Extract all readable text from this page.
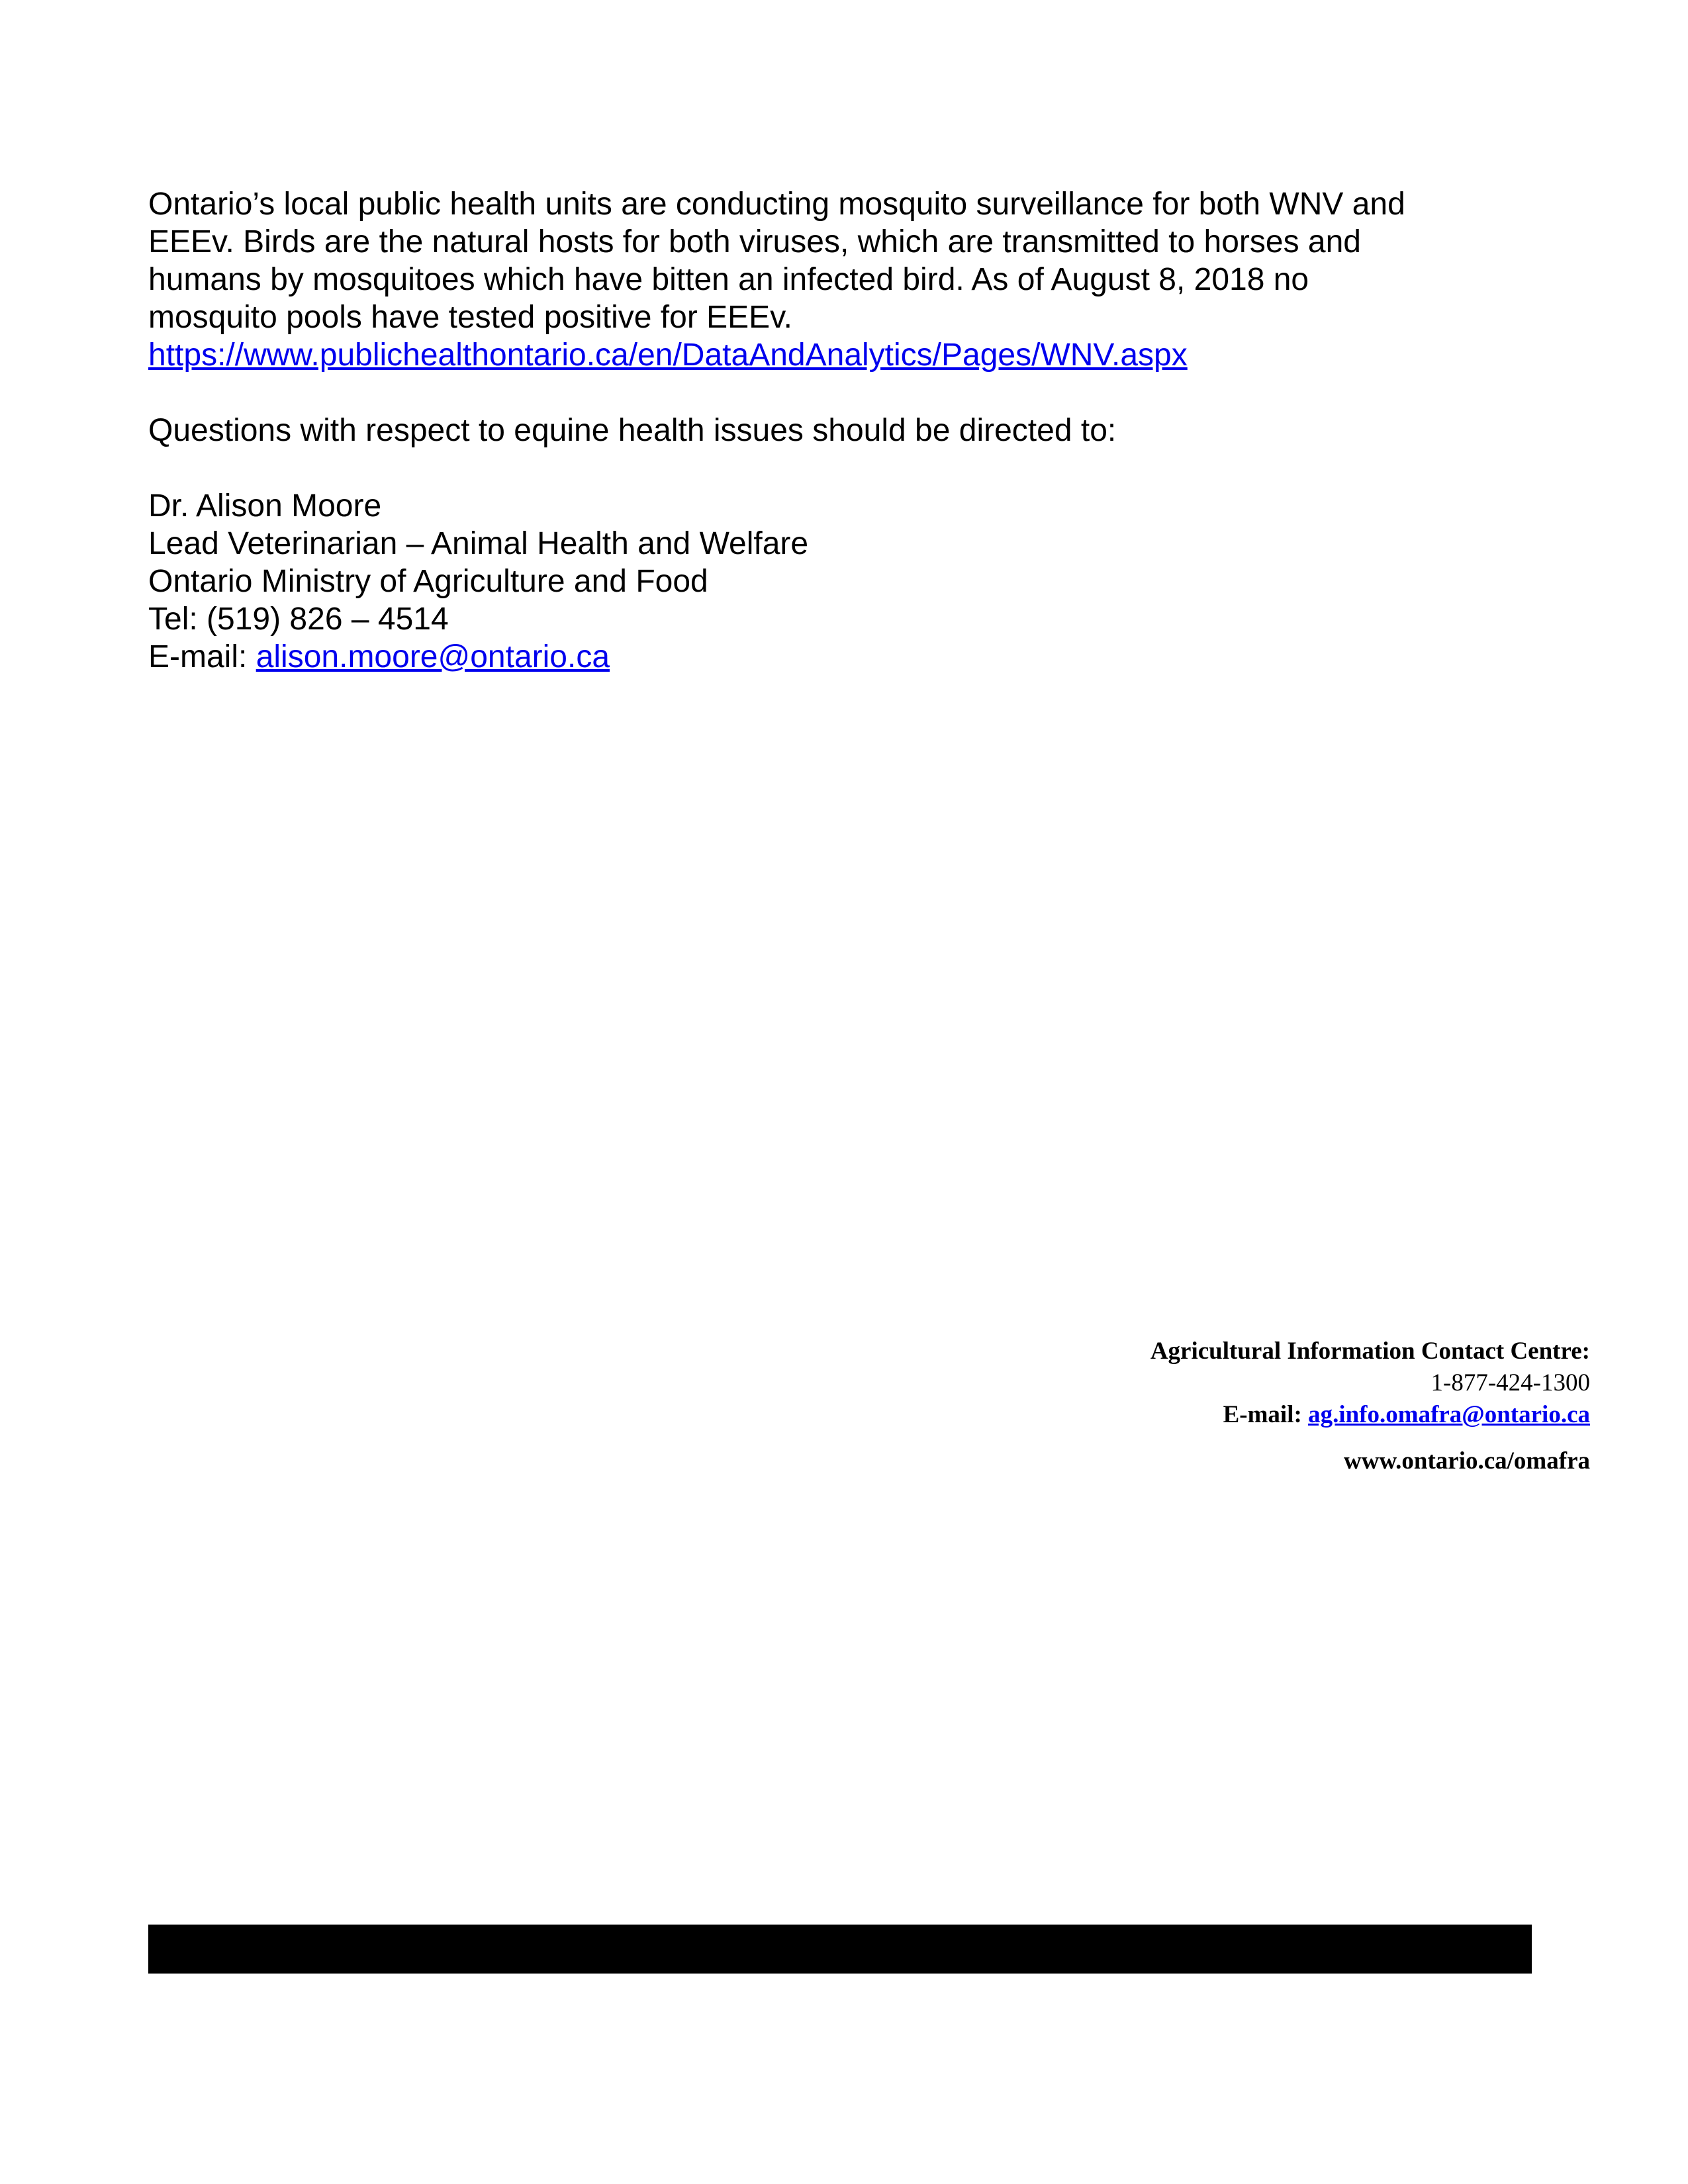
Ontario’s local public health units are conducting mosquito surveillance for both WNV and

EEEv. Birds are the natural hosts for both viruses, which are transmitted to horses and

humans by mosquitoes which have bitten an infected bird. As of August 8, 2018 no

mosquito pools have tested positive for EEEv.

https://www.publichealthontario.ca/en/DataAndAnalytics/Pages/WNV.aspx

Questions with respect to equine health issues should be directed to:

Dr. Alison Moore

Lead Veterinarian – Animal Health and Welfare

Ontario Ministry of Agriculture and Food

Tel: (519) 826 – 4514

E-mail: alison.moore@ontario.ca

Agricultural Information Contact Centre:
1-877-424-1300
E-mail: ag.info.omafra@ontario.ca
www.ontario.ca/omafra
